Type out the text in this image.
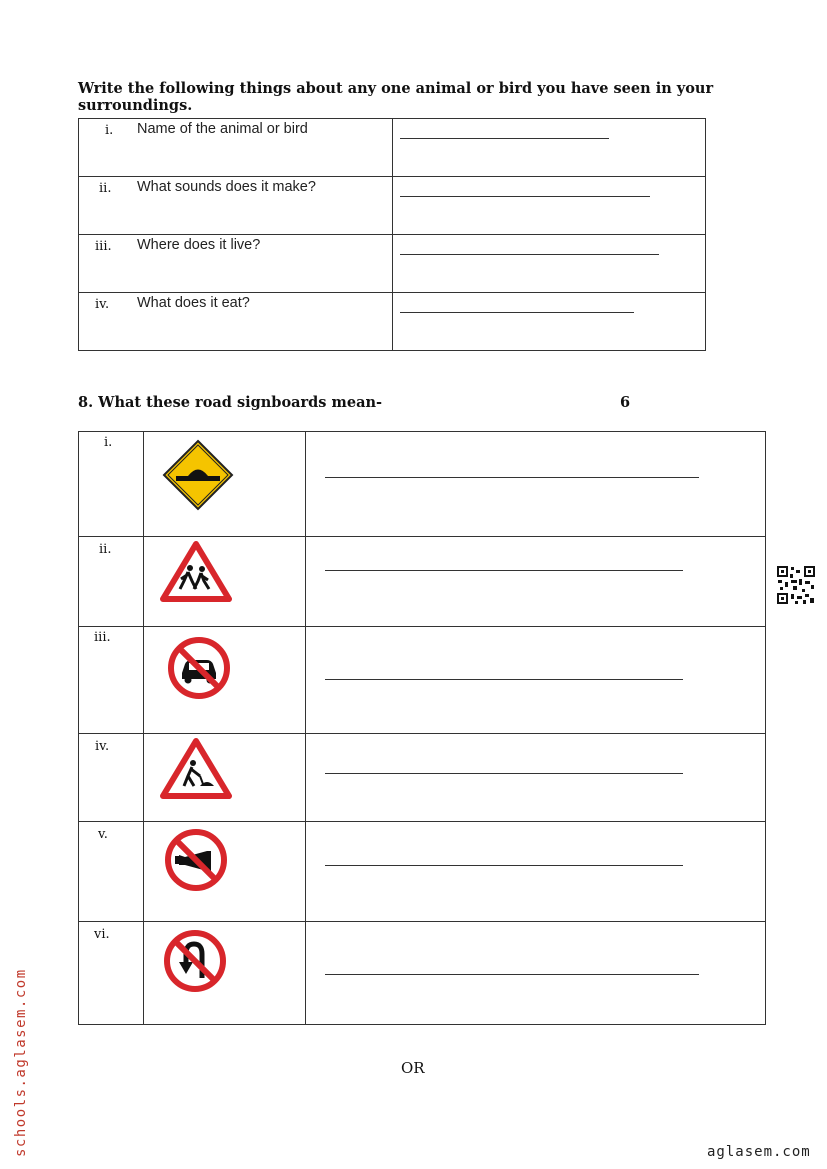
Write the following things about any one animal or bird you have seen in your surroundings.
i. Name of the animal or bird	

ii. What sounds does it make?	

iii. Where does it live?	

iv. What does it eat?	

8. What these road signboards mean-	6
i.

ii.

iii.

iv.

v.

vi.

OR
schools.aglasem.com	aglasem.com
